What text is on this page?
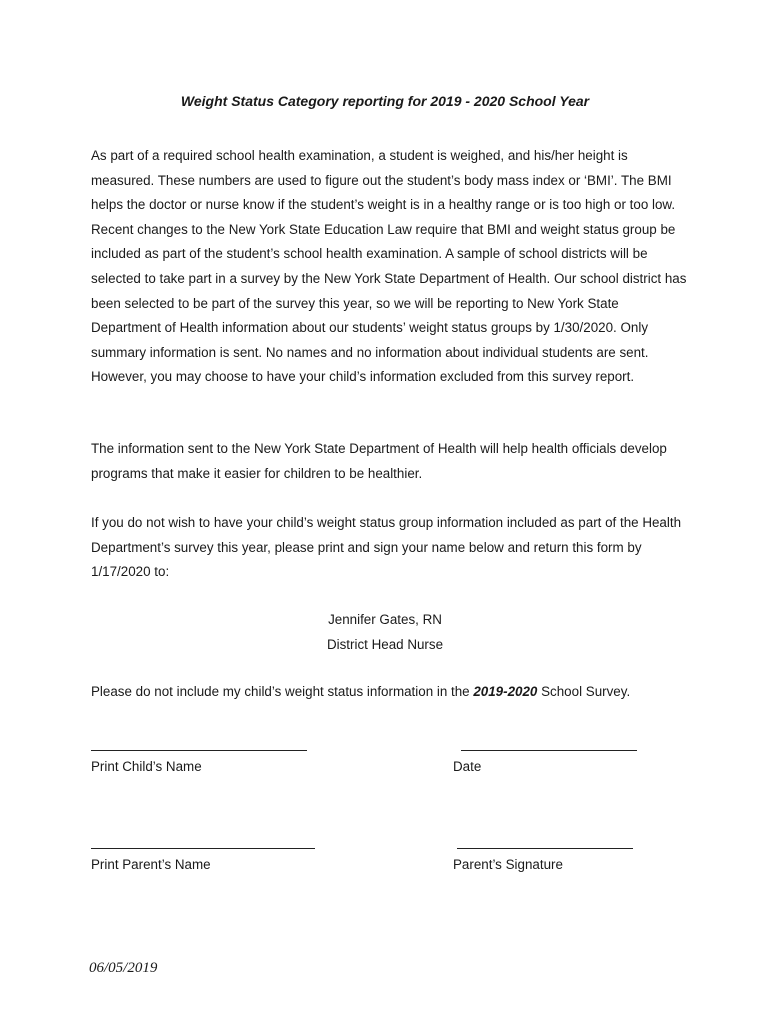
Weight Status Category reporting for 2019 - 2020 School Year

As part of a required school health examination, a student is weighed, and his/her height is measured. These numbers are used to figure out the student’s body mass index or ‘BMI’. The BMI helps the doctor or nurse know if the student’s weight is in a healthy range or is too high or too low. Recent changes to the New York State Education Law require that BMI and weight status group be included as part of the student’s school health examination. A sample of school districts will be selected to take part in a survey by the New York State Department of Health. Our school district has been selected to be part of the survey this year, so we will be reporting to New York State Department of Health information about our students’ weight status groups by 1/30/2020. Only summary information is sent. No names and no information about individual students are sent. However, you may choose to have your child’s information excluded from this survey report.

The information sent to the New York State Department of Health will help health officials develop programs that make it easier for children to be healthier.

If you do not wish to have your child’s weight status group information included as part of the Health Department’s survey this year, please print and sign your name below and return this form by 1/17/2020 to:

Jennifer Gates, RN
District Head Nurse
Please do not include my child’s weight status information in the 2019-2020 School Survey.
Print Child’s Name	Date
Print Parent’s Name	Parent’s Signature
06/05/2019
